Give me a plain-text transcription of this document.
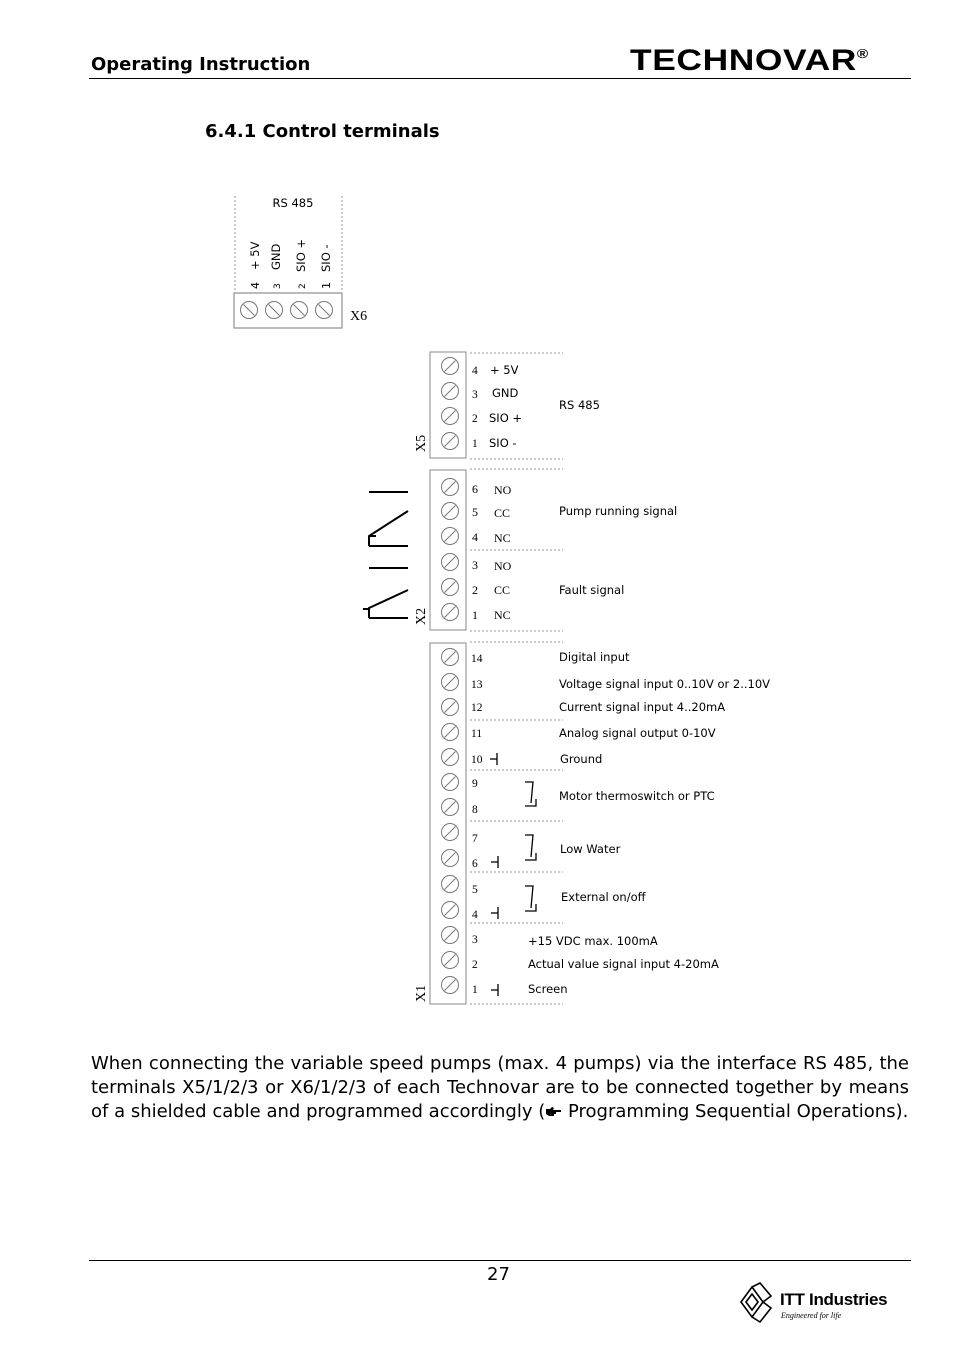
Operating Instruction	TECHNOVAR®
6.4.1 Control terminals
RS 485
4
+ 5V
3
GND
2
SIO +
1
SIO -
X6
X5
X2
X1
4 + 5V
3 GND
2 SIO +
1 SIO -
RS 485
6 NO
5 CC
4 NC
3 NO
2 CC
1 NC
Pump running signal
Fault signal
14
13
12
11
10
9
8
7
6
5
4
3
2
1
Digital input
Voltage signal input 0..10V or 2..10V
Current signal input 4..20mA
Analog signal output 0-10V
Ground
Motor thermoswitch or PTC
Low Water
External on/off
+15 VDC max. 100mA
Actual value signal input 4-20mA
Screen
When connecting the variable speed pumps (max. 4 pumps) via the interface RS 485, the terminals X5/1/2/3 or X6/1/2/3 of each Technovar are to be connected together by means of a shielded cable and programmed accordingly ( Programming Sequential Operations).
27
ITT Industries
Engineered for life
